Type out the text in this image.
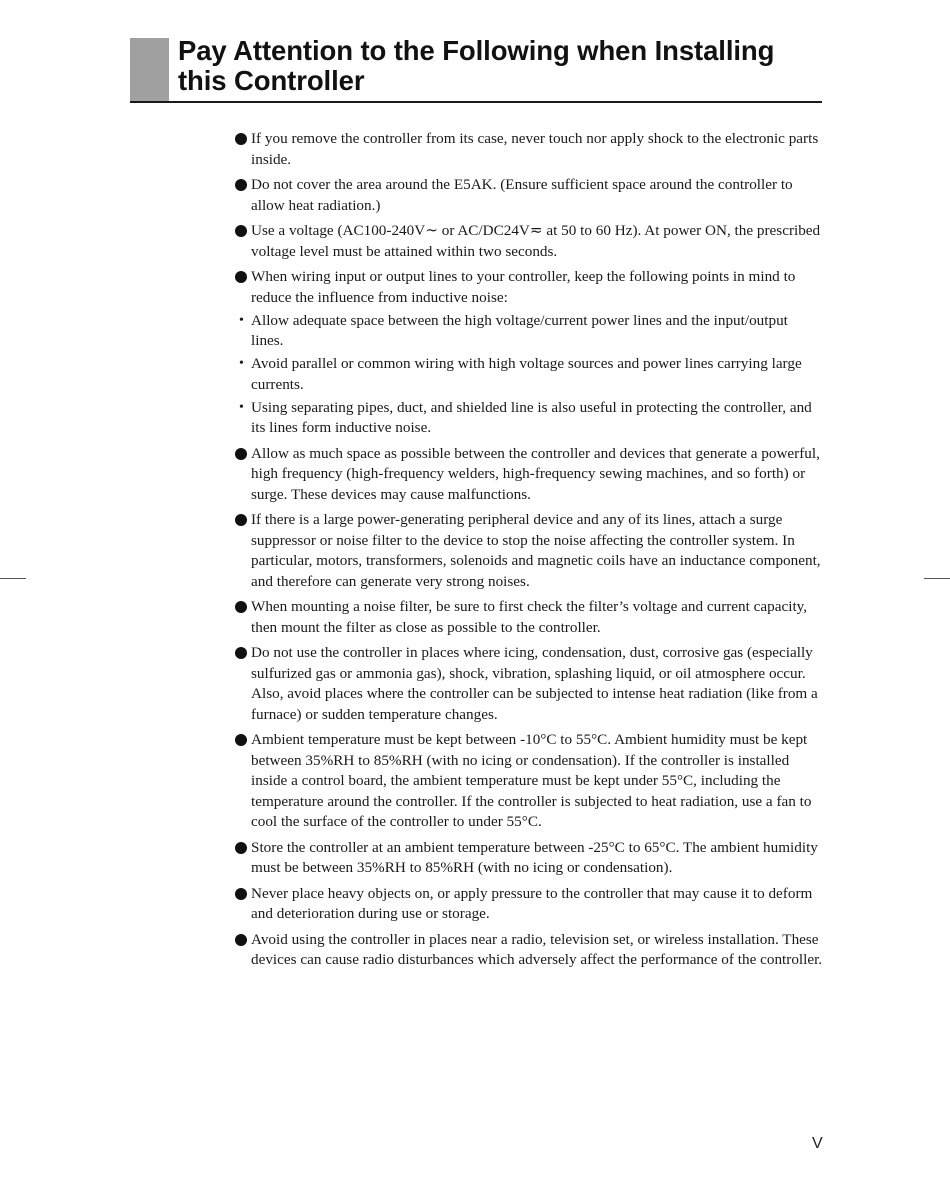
Pay Attention to the Following when Installing this Controller
If you remove the controller from its case, never touch nor apply shock to the electronic parts inside.
Do not cover the area around the E5AK. (Ensure sufficient space around the controller to allow heat radiation.)
Use a voltage (AC100-240V∼ or AC/DC24V≂ at 50 to 60 Hz). At power ON, the prescribed voltage level must be attained within two seconds.
When wiring input or output lines to your controller, keep the following points in mind to reduce the influence from inductive noise:
• Allow adequate space between the high voltage/current power lines and the input/output lines.
• Avoid parallel or common wiring with high voltage sources and power lines carrying large currents.
• Using separating pipes, duct, and shielded line is also useful in protecting the controller, and its lines form inductive noise.
Allow as much space as possible between the controller and devices that generate a powerful, high frequency (high-frequency welders, high-frequency sewing machines, and so forth) or surge. These devices may cause malfunctions.
If there is a large power-generating peripheral device and any of its lines, attach a surge suppressor or noise filter to the device to stop the noise affecting the controller system. In particular, motors, transformers, solenoids and magnetic coils have an inductance component, and therefore can generate very strong noises.
When mounting a noise filter, be sure to first check the filter’s voltage and current capacity, then mount the filter as close as possible to the controller.
Do not use the controller in places where icing, condensation, dust, corrosive gas (especially sulfurized gas or ammonia gas), shock, vibration, splashing liquid, or oil atmosphere occur. Also, avoid places where the controller can be subjected to intense heat radiation (like from a furnace) or sudden temperature changes.
Ambient temperature must be kept between -10°C to 55°C. Ambient humidity must be kept between 35%RH to 85%RH (with no icing or condensation). If the controller is installed inside a control board, the ambient temperature must be kept under 55°C, including the temperature around the controller. If the controller is subjected to heat radiation, use a fan to cool the surface of the controller to under 55°C.
Store the controller at an ambient temperature between -25°C to 65°C. The ambient humidity must be between 35%RH to 85%RH (with no icing or condensation).
Never place heavy objects on, or apply pressure to the controller that may cause it to deform and deterioration during use or storage.
Avoid using the controller in places near a radio, television set, or wireless installation. These devices can cause radio disturbances which adversely affect the performance of the controller.
V
